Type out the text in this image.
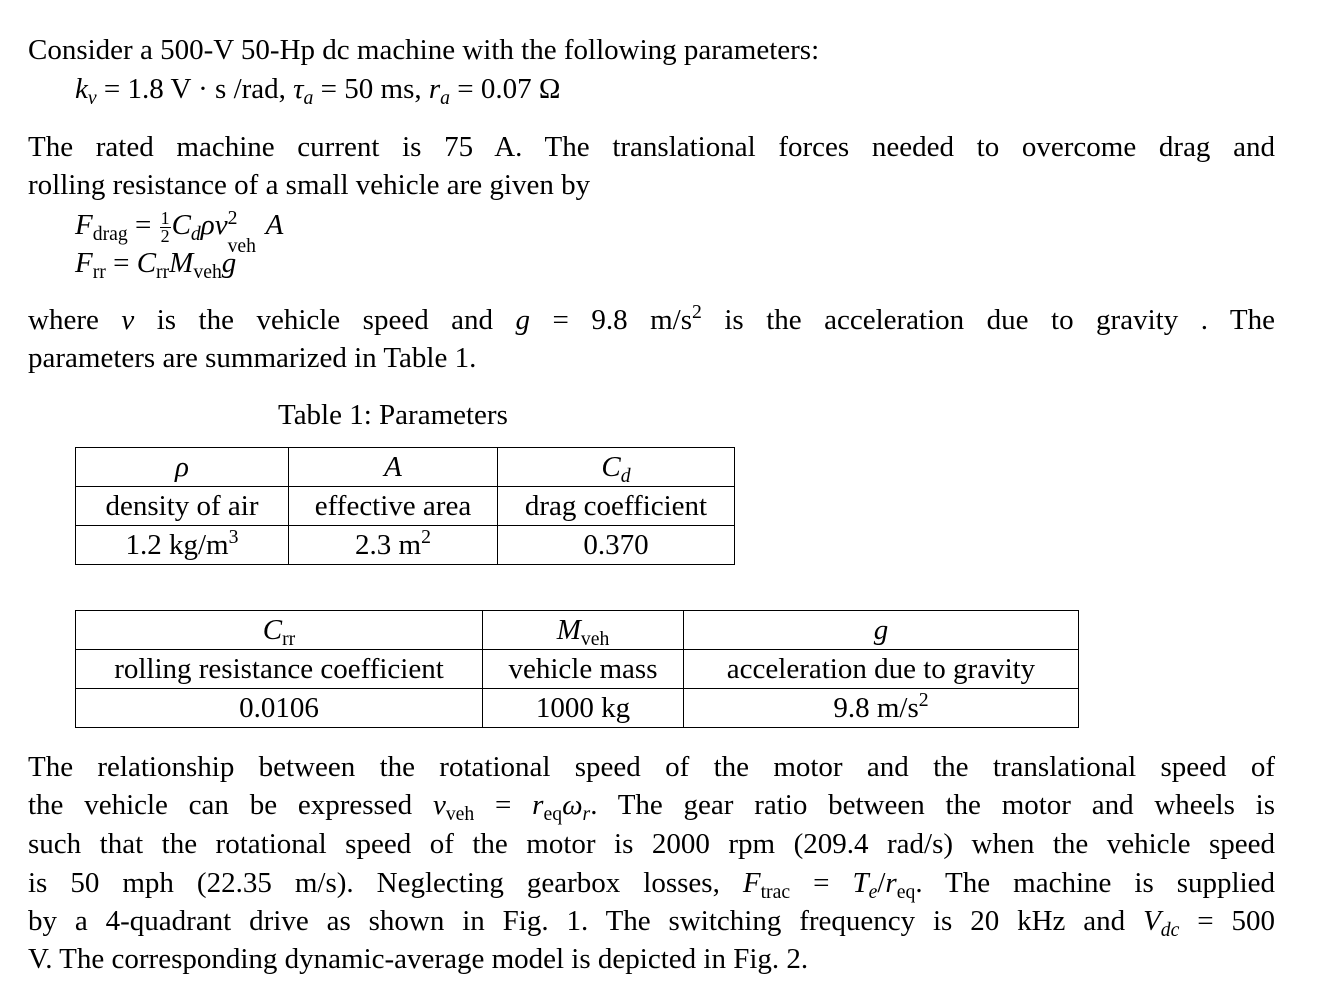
Consider a 500-V 50-Hp dc machine with the following parameters:
$k_v = 1.8$ V · s /rad, $\tau_a = 50$ ms, $r_a = 0.07$ Ω
The rated machine current is 75 A. The translational forces needed to overcome drag and
rolling resistance of a small vehicle are given by
$F_{drag} = \frac{1}{2} C_d\rho v$ 2
veh
A
$F_{rr} = C_{rr}M_{veh}g$
where v is the vehicle speed and g = 9.8 $m/s^2$ is the acceleration due to gravity . The
parameters are summarized in Table 1.
Table 1: Parameters
ρ	A	$C_d$
density of air	effective area	drag coefficient
1.2 $kg/m^3$	2.3 $m^2$	0.370
$C_{rr}$	$M_{veh}$	g
rolling resistance coefficient	vehicle mass	acceleration due to gravity
0.0106	1000 kg	9.8 $m/s^2$
The relationship between the rotational speed of the motor and the translational speed of
the vehicle can be expressed $v_{veh} = r_{eq}\omega_r$. The gear ratio between the motor and wheels is
such that the rotational speed of the motor is 2000 rpm (209.4 rad/s) when the vehicle speed
is 50 mph (22.35 m/s). Neglecting gearbox losses, $F_{trac} = T_e/r_{eq}$. The machine is supplied
by a 4-quadrant drive as shown in Fig. 1. The switching frequency is 20 kHz and $V_{dc} = 500$
V. The corresponding dynamic-average model is depicted in Fig. 2.
